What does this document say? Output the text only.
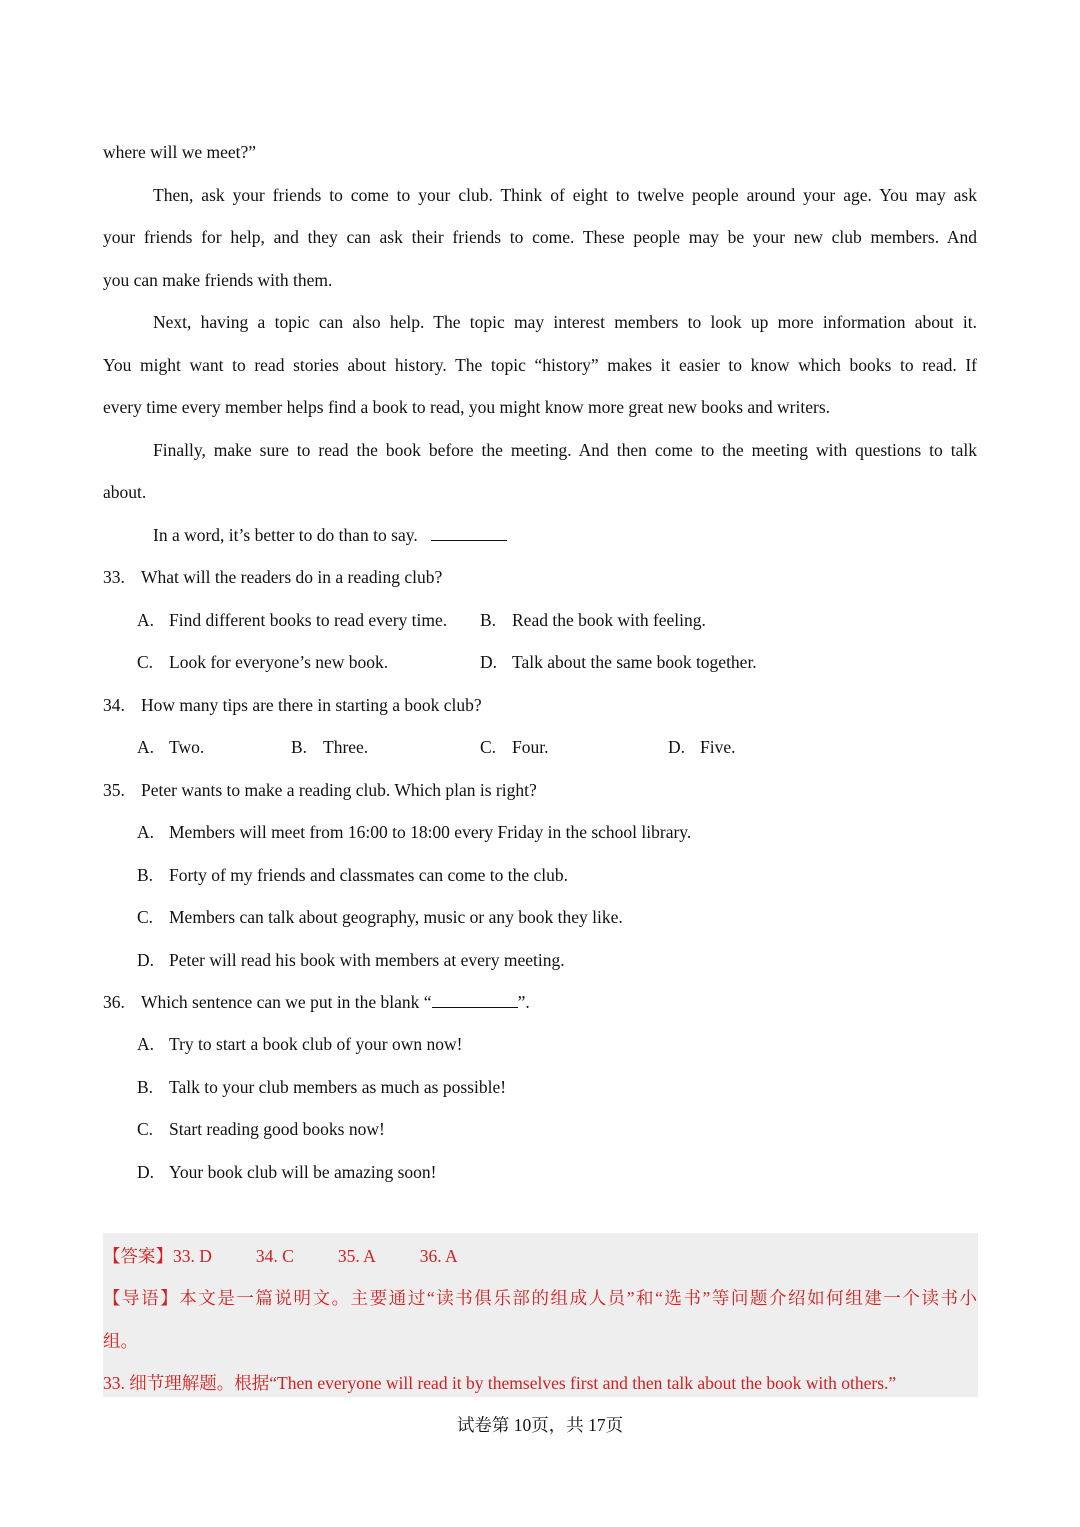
where will we meet?”
Then, ask your friends to come to your club. Think of eight to twelve people around your age. You may ask
your friends for help, and they can ask their friends to come. These people may be your new club members. And
you can make friends with them.
Next, having a topic can also help. The topic may interest members to look up more information about it.
You might want to read stories about history. The topic “history” makes it easier to know which books to read. If
every time every member helps find a book to read, you might know more great new books and writers.
Finally, make sure to read the book before the meeting. And then come to the meeting with questions to talk
about.
In a word, it’s better to do than to say.
33. What will the readers do in a reading club?
A. Find different books to read every time. B. Read the book with feeling.
C. Look for everyone’s new book.	D. Talk about the same book together.
34. How many tips are there in starting a book club?
A. Two.	B. Three.	C. Four.	D. Five.
35. Peter wants to make a reading club. Which plan is right?
A. Members will meet from 16:00 to 18:00 every Friday in the school library.
B. Forty of my friends and classmates can come to the club.
C. Members can talk about geography, music or any book they like.
D. Peter will read his book with members at every meeting.
36. Which sentence can we put in the blank “	”.
A. Try to start a book club of your own now!
B. Talk to your club members as much as possible!
C. Start reading good books now!
D. Your book club will be amazing soon!
【答案】33. D	34. C	35. A	36. A
【导语】本文是一篇说明文。主要通过“读书俱乐部的组成人员”和“选书”等问题介绍如何组建一个读书小
组。
33. 细节理解题。根据“Then everyone will read it by themselves first and then talk about the book with others.”
试卷第 10页，共 17页
